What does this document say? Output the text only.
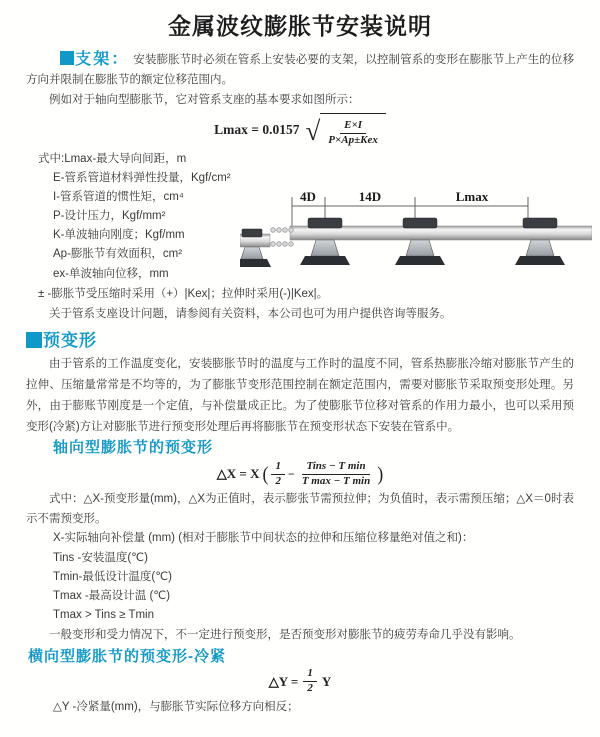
金属波纹膨胀节安装说明

支架： 安装膨胀节时必须在管系上安装必要的支架，以控制管系的变形在膨胀节上产生的位移方向并限制在膨胀节的额定位移范围内。

例如对于轴向型膨胀节，它对管系支座的基本要求如图所示：

Lmax = 0.0157 √ $\frac{E\times I}{\text{P×Ap±Kex}}$
式中:Lmax-最大导向间距，m
E-管系管道材料弹性投量，Kgf/cm²
I-管系管道的惯性矩，cm⁴
P-设计压力，Kgf/mm²
K-单波轴向刚度；Kgf/mm
Ap-膨胀节有效面积，cm²
ex-单波轴向位移，mm
4D	14D	Lmax

± -膨胀节受压缩时采用（+）|Kex|；拉伸时采用(-)|Kex|。

关于管系支座设计问题，请参阅有关资料，本公司也可为用户提供咨询等服务。

预变形

由于管系的工作温度变化，安装膨胀节时的温度与工作时的温度不同，管系热膨胀冷缩对膨胀节产生的拉伸、压缩量常常是不均等的，为了膨胀节变形范围控制在额定范围内，需要对膨胀节采取预变形处理。另外，由于膨账节刚度是一个定值，与补偿量成正比。为了使膨胀节位移对管系的作用力最小，也可以采用预变形(冷紧)方让对膨胀节进行预变形处理后再将膨胀节在预变形状态下安装在管系中。

轴向型膨胀节的预变形
△X = X ( $\frac{1}{2} - \frac{\text{Tins − T min}}{\text{T max − T min}}$ )

式中：△X-预变形量(mm)，△X为正值时，表示膨张节需预拉伸；为负值时，表示需预压缩；△X＝0时表示不需预变形。

X-实际轴向补偿量 (mm) (相对于膨胀节中间状态的拉伸和压缩位移量绝对值之和)：

Tins -安装温度(℃)
Tmin-最低设计温度(℃)
Tmax -最高设计温 (℃)
Tmax > Tins ≥ Tmin

一般变形和受力情况下，不一定进行预变形，是否预变形对膨胀节的疲劳寿命几乎没有影响。

横向型膨胀节的预变形-冷紧
△Y = $\frac{1}{2}$ Y

△Y -冷紧量(mm)，与膨胀节实际位移方向相反；
